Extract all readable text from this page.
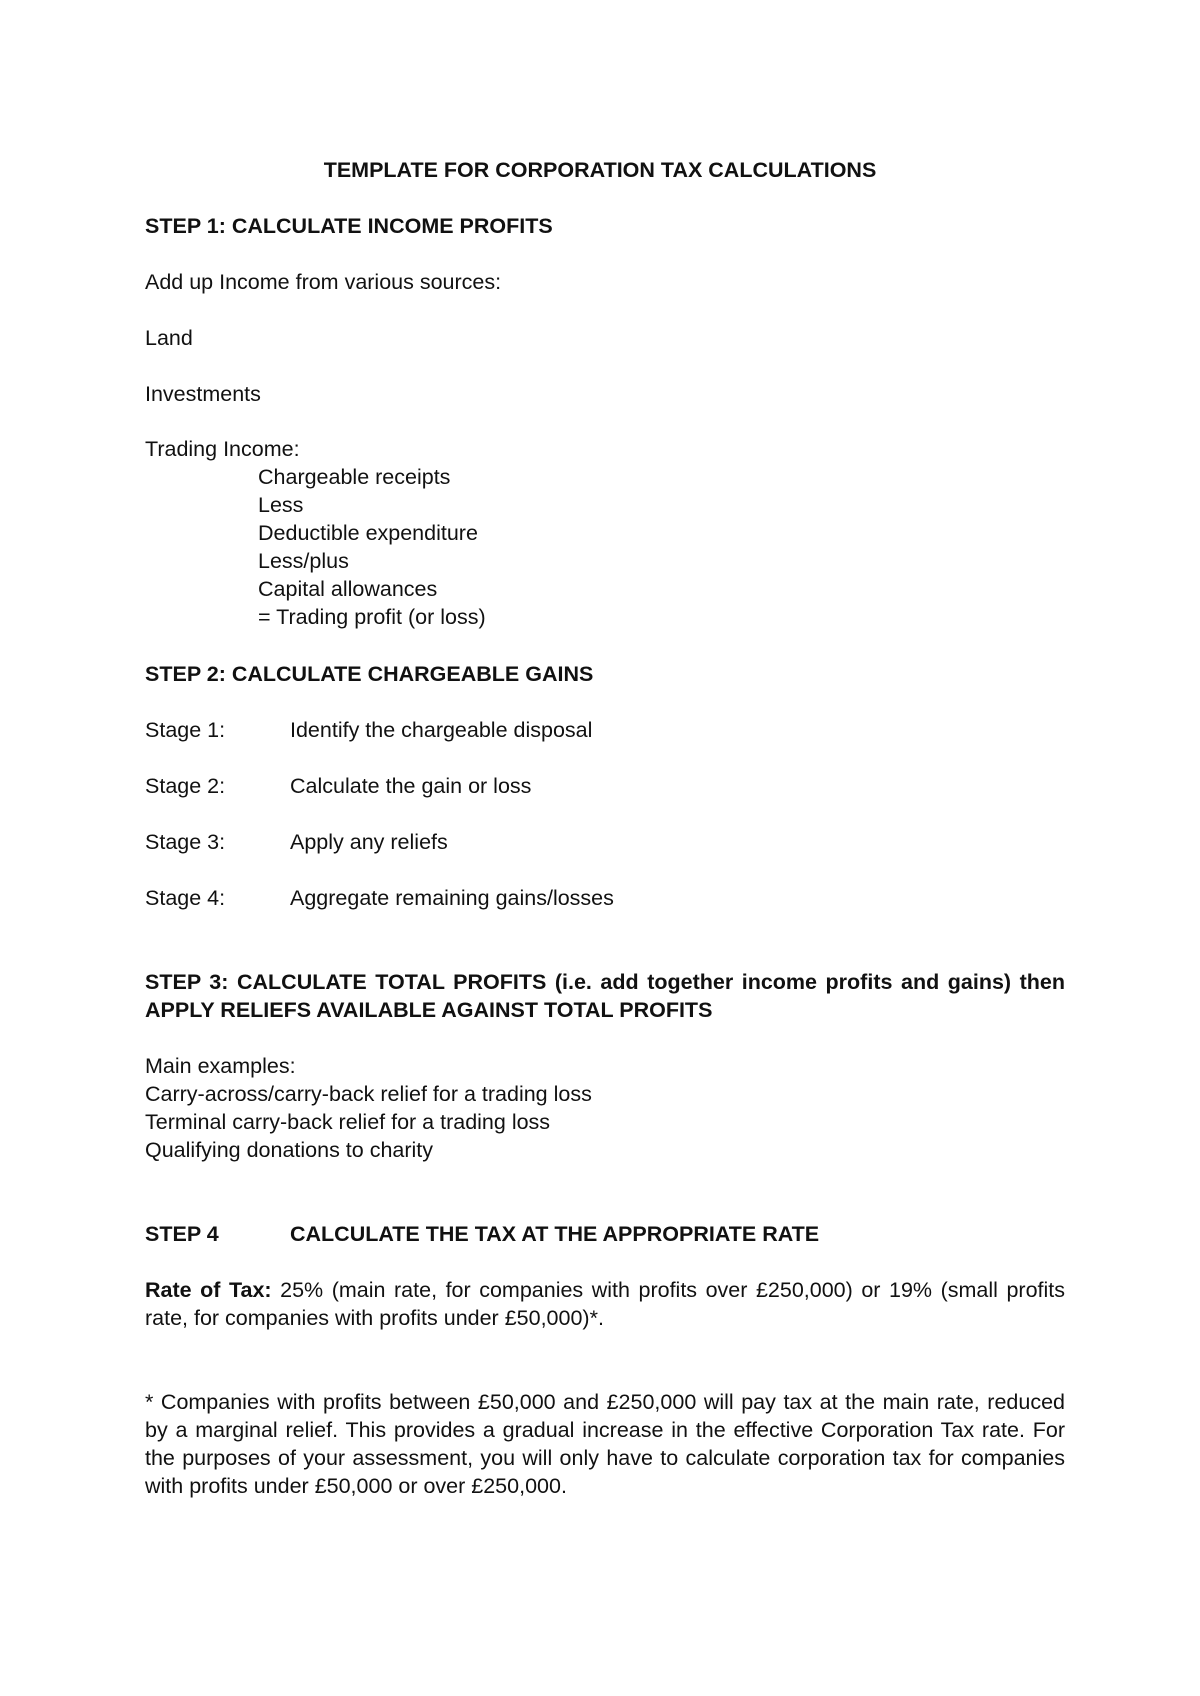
TEMPLATE FOR CORPORATION TAX CALCULATIONS
STEP 1: CALCULATE INCOME PROFITS
Add up Income from various sources:
Land
Investments
Trading Income:
Chargeable receipts
Less
Deductible expenditure
Less/plus
Capital allowances
= Trading profit (or loss)
STEP 2: CALCULATE CHARGEABLE GAINS
Stage 1:	Identify the chargeable disposal
Stage 2:	Calculate the gain or loss
Stage 3:	Apply any reliefs
Stage 4:	Aggregate remaining gains/losses
STEP 3: CALCULATE TOTAL PROFITS (i.e. add together income profits and gains) then APPLY RELIEFS AVAILABLE AGAINST TOTAL PROFITS
Main examples:
Carry-across/carry-back relief for a trading loss
Terminal carry-back relief for a trading loss
Qualifying donations to charity
STEP 4	CALCULATE THE TAX AT THE APPROPRIATE RATE
Rate of Tax: 25% (main rate, for companies with profits over £250,000) or 19% (small profits rate, for companies with profits under £50,000)*.
* Companies with profits between £50,000 and £250,000 will pay tax at the main rate, reduced by a marginal relief. This provides a gradual increase in the effective Corporation Tax rate. For the purposes of your assessment, you will only have to calculate corporation tax for companies with profits under £50,000 or over £250,000.
